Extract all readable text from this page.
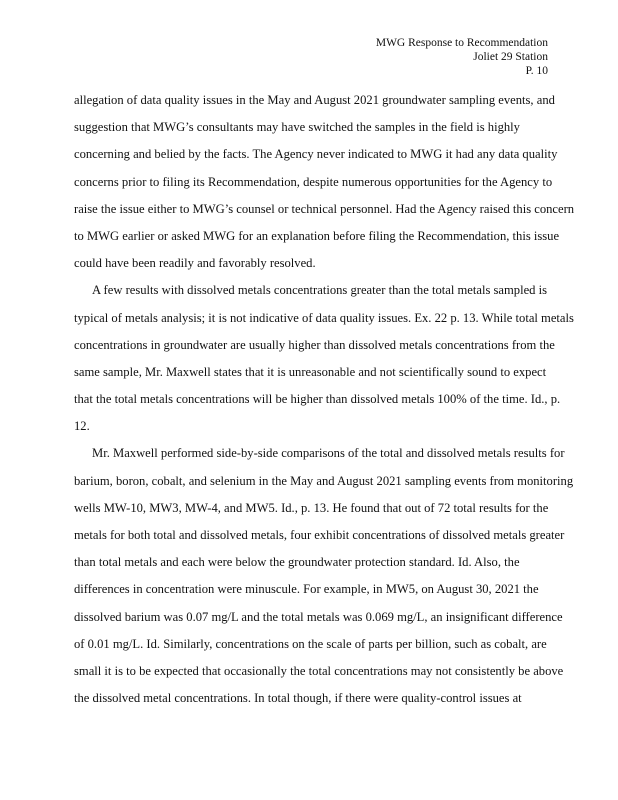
MWG Response to Recommendation
Joliet 29 Station
P. 10
allegation of data quality issues in the May and August 2021 groundwater sampling events, and
suggestion that MWG’s consultants may have switched the samples in the field is highly
concerning and belied by the facts. The Agency never indicated to MWG it had any data quality
concerns prior to filing its Recommendation, despite numerous opportunities for the Agency to
raise the issue either to MWG’s counsel or technical personnel. Had the Agency raised this concern
to MWG earlier or asked MWG for an explanation before filing the Recommendation, this issue
could have been readily and favorably resolved.
A few results with dissolved metals concentrations greater than the total metals sampled is
typical of metals analysis; it is not indicative of data quality issues. Ex. 22 p. 13. While total metals
concentrations in groundwater are usually higher than dissolved metals concentrations from the
same sample, Mr. Maxwell states that it is unreasonable and not scientifically sound to expect
that the total metals concentrations will be higher than dissolved metals 100% of the time. Id., p.
12.
Mr. Maxwell performed side-by-side comparisons of the total and dissolved metals results for
barium, boron, cobalt, and selenium in the May and August 2021 sampling events from monitoring
wells MW-10, MW3, MW-4, and MW5. Id., p. 13. He found that out of 72 total results for the
metals for both total and dissolved metals, four exhibit concentrations of dissolved metals greater
than total metals and each were below the groundwater protection standard. Id. Also, the
differences in concentration were minuscule. For example, in MW5, on August 30, 2021 the
dissolved barium was 0.07 mg/L and the total metals was 0.069 mg/L, an insignificant difference
of 0.01 mg/L. Id. Similarly, concentrations on the scale of parts per billion, such as cobalt, are
small it is to be expected that occasionally the total concentrations may not consistently be above
the dissolved metal concentrations. In total though, if there were quality-control issues at
